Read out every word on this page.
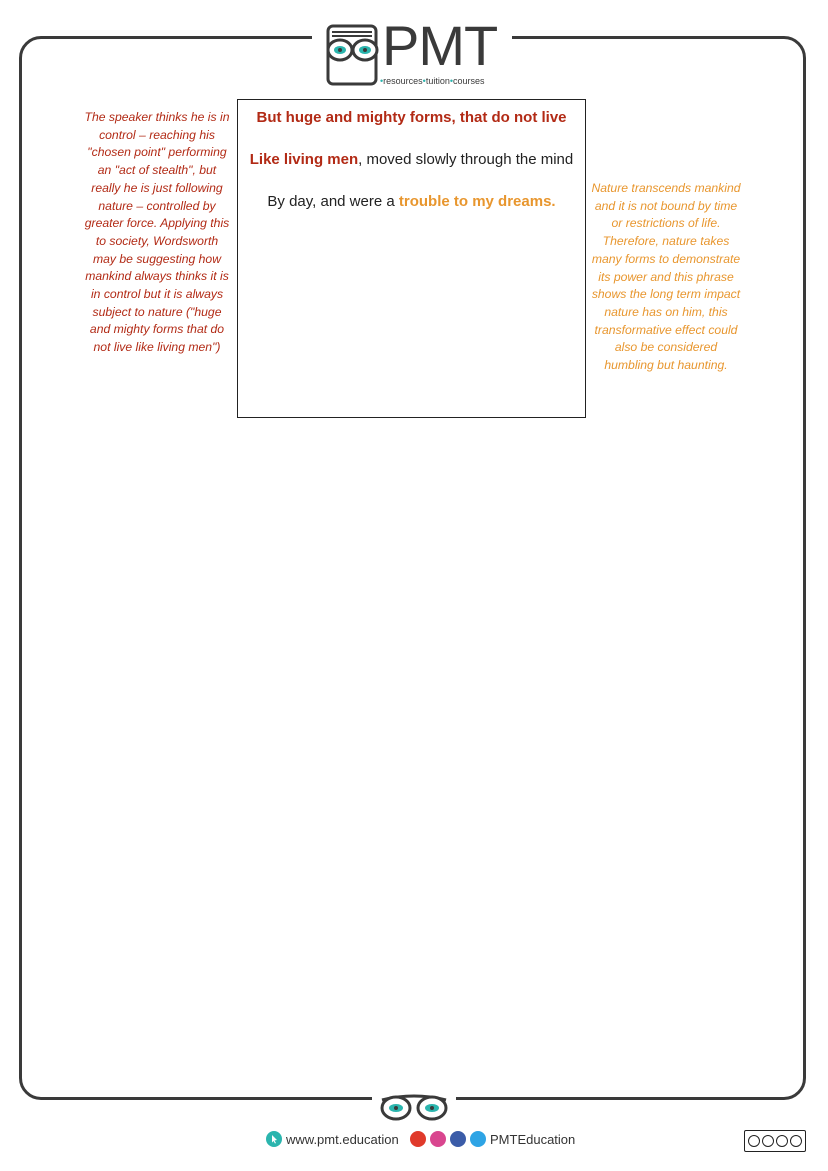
PMT
•resources•tuition•courses
The speaker thinks he is in control – reaching his "chosen point" performing an "act of stealth", but really he is just following nature – controlled by greater force. Applying this to society, Wordsworth may be suggesting how mankind always thinks it is in control but it is always subject to nature ("huge and mighty forms that do not live like living men")
But huge and mighty forms, that do not live
Like living men, moved slowly through the mind
By day, and were a trouble to my dreams.
Nature transcends mankind and it is not bound by time or restrictions of life. Therefore, nature takes many forms to demonstrate its power and this phrase shows the long term impact nature has on him, this transformative effect could also be considered humbling but haunting.
www.pmt.education	PMTEducation
